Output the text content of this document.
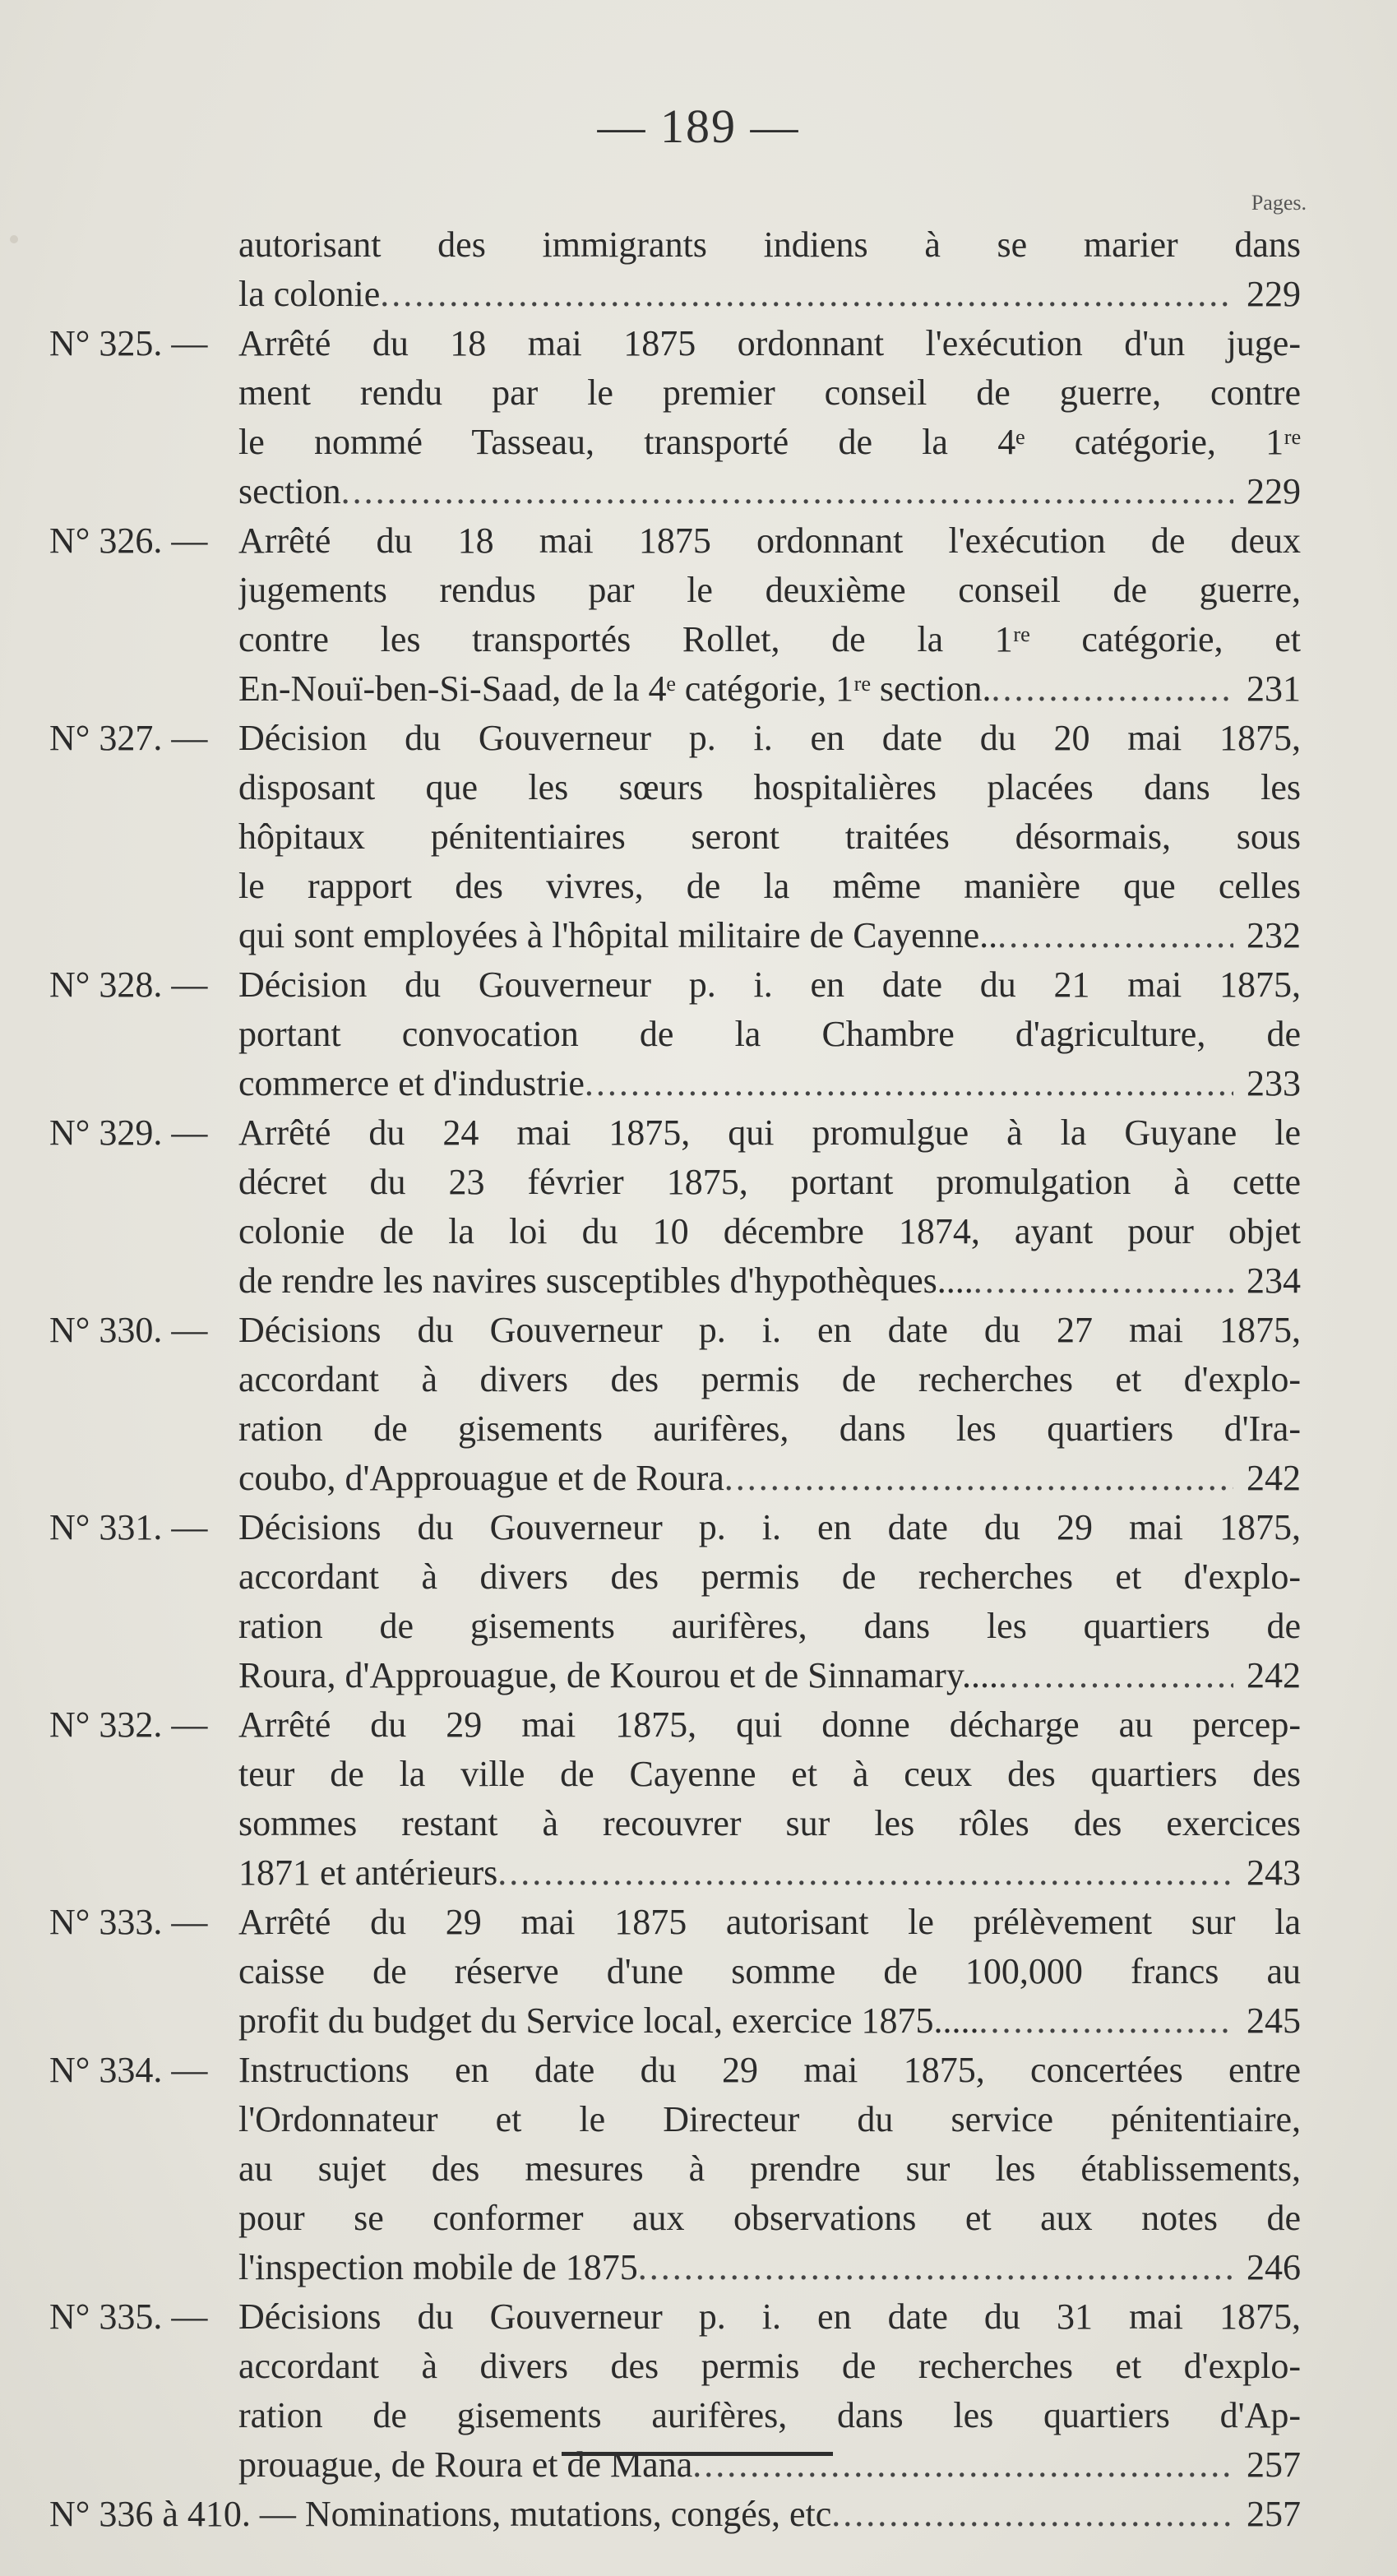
— 189 —
Pages.
autorisant des immigrants indiens à se marier dans
la colonie .....	229
N° 325. — Arrêté du 18 mai 1875 ordonnant l'exécution d'un juge-
ment rendu par le premier conseil de guerre, contre
le nommé Tasseau, transporté de la 4ᵉ catégorie, 1ʳᵉ
section .....	229
N° 326. — Arrêté du 18 mai 1875 ordonnant l'exécution de deux
jugements rendus par le deuxième conseil de guerre,
contre les transportés Rollet, de la 1ʳᵉ catégorie, et
En-Nouï-ben-Si-Saad, de la 4ᵉ catégorie, 1ʳᵉ section. .....	231
N° 327. — Décision du Gouverneur p. i. en date du 20 mai 1875,
disposant que les sœurs hospitalières placées dans les
hôpitaux pénitentiaires seront traitées désormais, sous
le rapport des vivres, de la même manière que celles
qui sont employées à l'hôpital militaire de Cayenne.. .....	232
N° 328. — Décision du Gouverneur p. i. en date du 21 mai 1875,
portant convocation de la Chambre d'agriculture, de
commerce et d'industrie .....	233
N° 329. — Arrêté du 24 mai 1875, qui promulgue à la Guyane le
décret du 23 février 1875, portant promulgation à cette
colonie de la loi du 10 décembre 1874, ayant pour objet
de rendre les navires susceptibles d'hypothèques.... .....	234
N° 330. — Décisions du Gouverneur p. i. en date du 27 mai 1875,
accordant à divers des permis de recherches et d'explo-
ration de gisements aurifères, dans les quartiers d'Ira-
coubo, d'Approuague et de Roura .....	242
N° 331. — Décisions du Gouverneur p. i. en date du 29 mai 1875,
accordant à divers des permis de recherches et d'explo-
ration de gisements aurifères, dans les quartiers de
Roura, d'Approuague, de Kourou et de Sinnamary.... .....	242
N° 332. — Arrêté du 29 mai 1875, qui donne décharge au percep-
teur de la ville de Cayenne et à ceux des quartiers des
sommes restant à recouvrer sur les rôles des exercices
1871 et antérieurs .....	243
N° 333. — Arrêté du 29 mai 1875 autorisant le prélèvement sur la
caisse de réserve d'une somme de 100,000 francs au
profit du budget du Service local, exercice 1875..... .....	245
N° 334. — Instructions en date du 29 mai 1875, concertées entre
l'Ordonnateur et le Directeur du service pénitentiaire,
au sujet des mesures à prendre sur les établissements,
pour se conformer aux observations et aux notes de
l'inspection mobile de 1875 .....	246
N° 335. — Décisions du Gouverneur p. i. en date du 31 mai 1875,
accordant à divers des permis de recherches et d'explo-
ration de gisements aurifères, dans les quartiers d'Ap-
prouague, de Roura et de Mana .....	257
N° 336 à 410. — Nominations, mutations, congés, etc .....	257
